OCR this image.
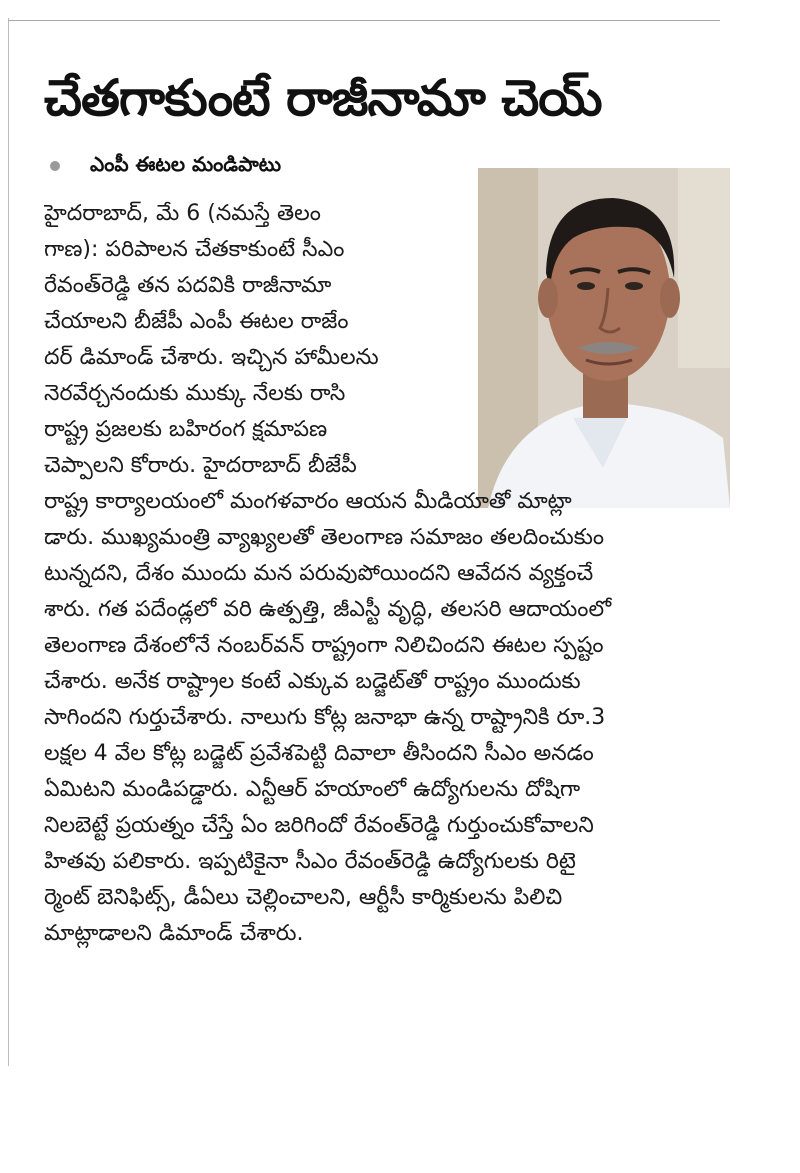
చేతగాకుంటే రాజీనామా చెయ్
ఎంపీ ఈటల మండిపాటు
హైదరాబాద్, మే 6 (నమస్తే తెలం
గాణ): పరిపాలన చేతకాకుంటే సీఎం
రేవంత్‌రెడ్డి తన పదవికి రాజీనామా
చేయాలని బీజేపీ ఎంపీ ఈటల రాజేం
దర్ డిమాండ్ చేశారు. ఇచ్చిన హామీలను
నెరవేర్చనందుకు ముక్కు నేలకు రాసి
రాష్ట్ర ప్రజలకు బహిరంగ క్షమాపణ
చెప్పాలని కోరారు. హైదరాబాద్ బీజేపీ
రాష్ట్ర కార్యాలయంలో మంగళవారం ఆయన మీడియాతో మాట్లా
డారు. ముఖ్యమంత్రి వ్యాఖ్యలతో తెలంగాణ సమాజం తలదించుకుం
టున్నదని, దేశం ముందు మన పరువుపోయిందని ఆవేదన వ్యక్తంచే
శారు. గత పదేండ్లలో వరి ఉత్పత్తి, జీఎస్టీ వృద్ధి, తలసరి ఆదాయంలో
తెలంగాణ దేశంలోనే నంబర్‌వన్ రాష్ట్రంగా నిలిచిందని ఈటల స్పష్టం
చేశారు. అనేక రాష్ట్రాల కంటే ఎక్కువ బడ్జెట్‌తో రాష్ట్రం ముందుకు
సాగిందని గుర్తుచేశారు. నాలుగు కోట్ల జనాభా ఉన్న రాష్ట్రానికి రూ.3
లక్షల 4 వేల కోట్ల బడ్జెట్ ప్రవేశపెట్టి దివాలా తీసిందని సీఎం అనడం
ఏమిటని మండిపడ్డారు. ఎన్టీఆర్ హయాంలో ఉద్యోగులను దోషిగా
నిలబెట్టే ప్రయత్నం చేస్తే ఏం జరిగిందో రేవంత్‌రెడ్డి గుర్తుంచుకోవాలని
హితవు పలికారు. ఇప్పటికైనా సీఎం రేవంత్‌రెడ్డి ఉద్యోగులకు రిటై
ర్మెంట్ బెనిఫిట్స్, డీఏలు చెల్లించాలని, ఆర్టీసీ కార్మికులను పిలిచి
మాట్లాడాలని డిమాండ్ చేశారు.
